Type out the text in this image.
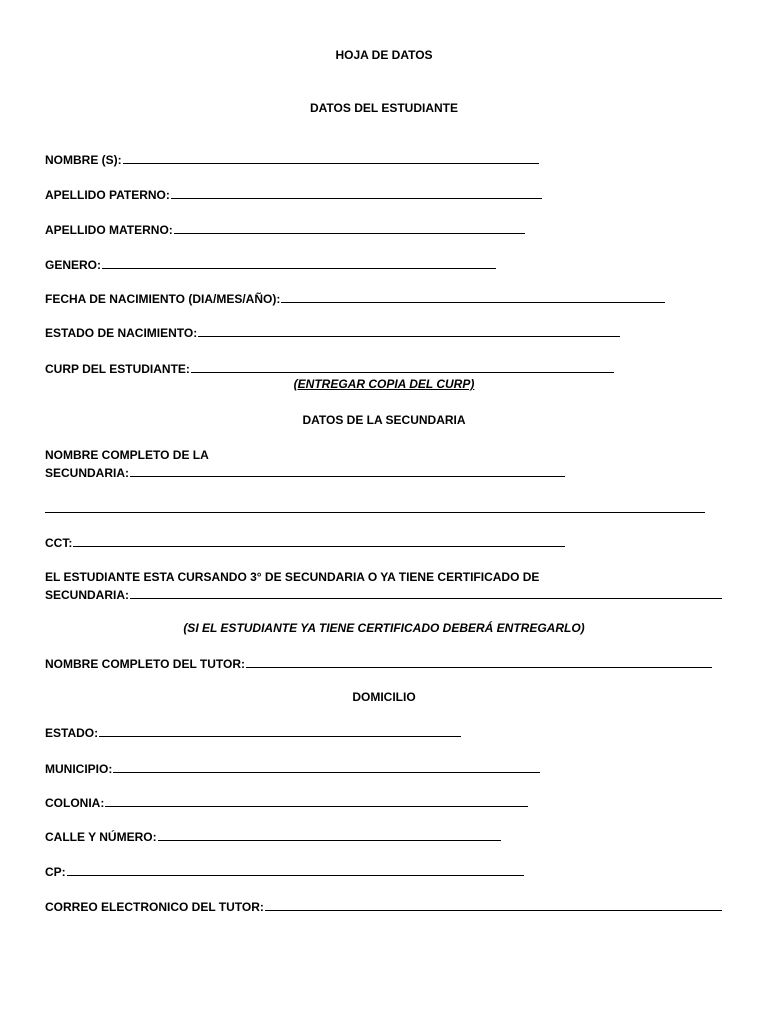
HOJA DE DATOS
DATOS DEL ESTUDIANTE
NOMBRE (S):
APELLIDO PATERNO:
APELLIDO MATERNO:
GENERO:
FECHA DE NACIMIENTO (DIA/MES/AÑO):
ESTADO DE NACIMIENTO:
CURP DEL ESTUDIANTE:
(ENTREGAR COPIA DEL CURP)
DATOS DE LA SECUNDARIA
NOMBRE COMPLETO DE LA
SECUNDARIA:
CCT:
EL ESTUDIANTE ESTA CURSANDO 3° DE SECUNDARIA O YA TIENE CERTIFICADO DE
SECUNDARIA:
(SI EL ESTUDIANTE YA TIENE CERTIFICADO DEBERÁ ENTREGARLO)
NOMBRE COMPLETO DEL TUTOR:
DOMICILIO
ESTADO:
MUNICIPIO:
COLONIA:
CALLE Y NÚMERO:
CP:
CORREO ELECTRONICO DEL TUTOR:
